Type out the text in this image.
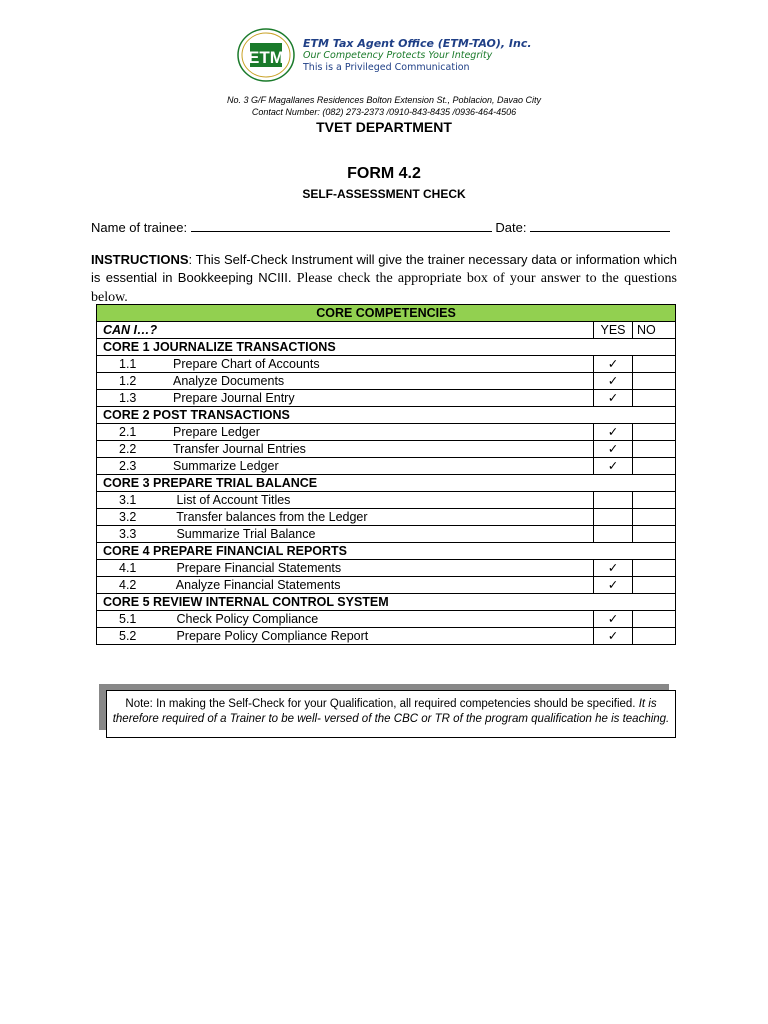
ETM
ETM Tax Agent Office (ETM-TAO), Inc.
Our Competency Protects Your Integrity
This is a Privileged Communication
No. 3 G/F Magallanes Residences Bolton Extension St., Poblacion, Davao City
Contact Number: (082) 273-2373 /0910-843-8435 /0936-464-4506
TVET DEPARTMENT
FORM 4.2
SELF-ASSESSMENT CHECK
Name of trainee:	Date:
INSTRUCTIONS: This Self-Check Instrument will give the trainer necessary data or information which is essential in Bookkeeping NCIII. Please check the appropriate box of your answer to the questions below.
CORE COMPETENCIES		
CAN I…?	YES	NO
CORE 1 JOURNALIZE TRANSACTIONS		
1.1 Prepare Chart of Accounts	✓	
1.2 Analyze Documents	✓	
1.3 Prepare Journal Entry	✓	
CORE 2 POST TRANSACTIONS		
2.1 Prepare Ledger	✓	
2.2 Transfer Journal Entries	✓	
2.3 Summarize Ledger	✓	
CORE 3 PREPARE TRIAL BALANCE		
3.1 List of Account Titles		
3.2 Transfer balances from the Ledger		
3.3 Summarize Trial Balance		
CORE 4 PREPARE FINANCIAL REPORTS		
4.1 Prepare Financial Statements	✓	
4.2 Analyze Financial Statements	✓	
CORE 5 REVIEW INTERNAL CONTROL SYSTEM		
5.1 Check Policy Compliance	✓	
5.2 Prepare Policy Compliance Report	✓	
Note: In making the Self-Check for your Qualification, all required competencies should be specified. It is therefore required of a Trainer to be well- versed of the CBC or TR of the program qualification he is teaching.
